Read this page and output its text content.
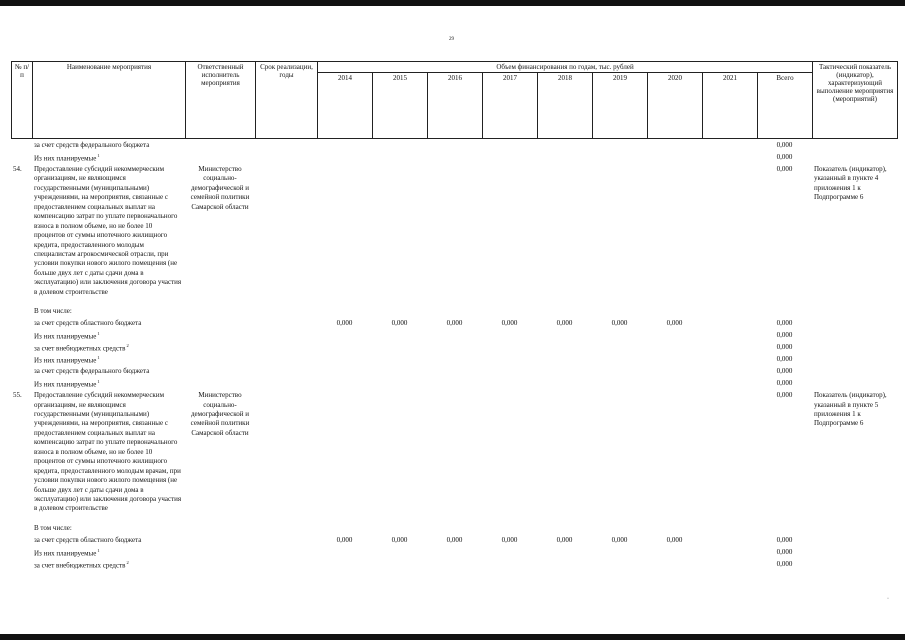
29
№ п/п	Наименование мероприятия	Ответственный исполнитель мероприятия	Срок реализации, годы	Объем финансирования по годам, тыс. рублей									Тактический показатель (индикатор), характеризующий выполнение мероприятия (мероприятий)
				2014	2015	2016	2017	2018	2019	2020	2021	Всего	
	за счет средств федерального бюджета											0,000	
	Из них планируемые$^1$											0,000	
54.	Предоставление субсидий некоммерческим организациям, не являющимся государственными (муниципальными) учреждениями, на мероприятия, связанные с предоставлением социальных выплат на компенсацию затрат по уплате первоначального взноса в полном объеме, но не более 10 процентов от суммы ипотечного жилищного кредита, предоставленного молодым специалистам агрокосмической отрасли, при условии покупки нового жилого помещения (не больше двух лет с даты сдачи дома в эксплуатацию) или заключения договора участия в долевом строительстве	Министерство социально-демографической и семейной политики Самарской области										0,000	Показатель (индикатор), указанный в пункте 4 приложения 1 к Подпрограмме 6
	В том числе:												
	за счет средств областного бюджета			0,000	0,000	0,000	0,000	0,000	0,000	0,000		0,000	
	Из них планируемые$^1$											0,000	
	за счет внебюджетных средств$^2$											0,000	
	Из них планируемые$^1$											0,000	
	за счет средств федерального бюджета											0,000	
	Из них планируемые$^1$											0,000	
55.	Предоставление субсидий некоммерческим организациям, не являющимся государственными (муниципальными) учреждениями, на мероприятия, связанные с предоставлением социальных выплат на компенсацию затрат по уплате первоначального взноса в полном объеме, но не более 10 процентов от суммы ипотечного жилищного кредита, предоставленного молодым врачам, при условии покупки нового жилого помещения (не больше двух лет с даты сдачи дома в эксплуатацию) или заключения договора участия в долевом строительстве	Министерство социально-демографической и семейной политики Самарской области										0,000	Показатель (индикатор), указанный в пункте 5 приложения 1 к Подпрограмме 6
	В том числе:												
	за счет средств областного бюджета			0,000	0,000	0,000	0,000	0,000	0,000	0,000		0,000	
	Из них планируемые$^1$											0,000	
	за счет внебюджетных средств$^2$											0,000	
·
